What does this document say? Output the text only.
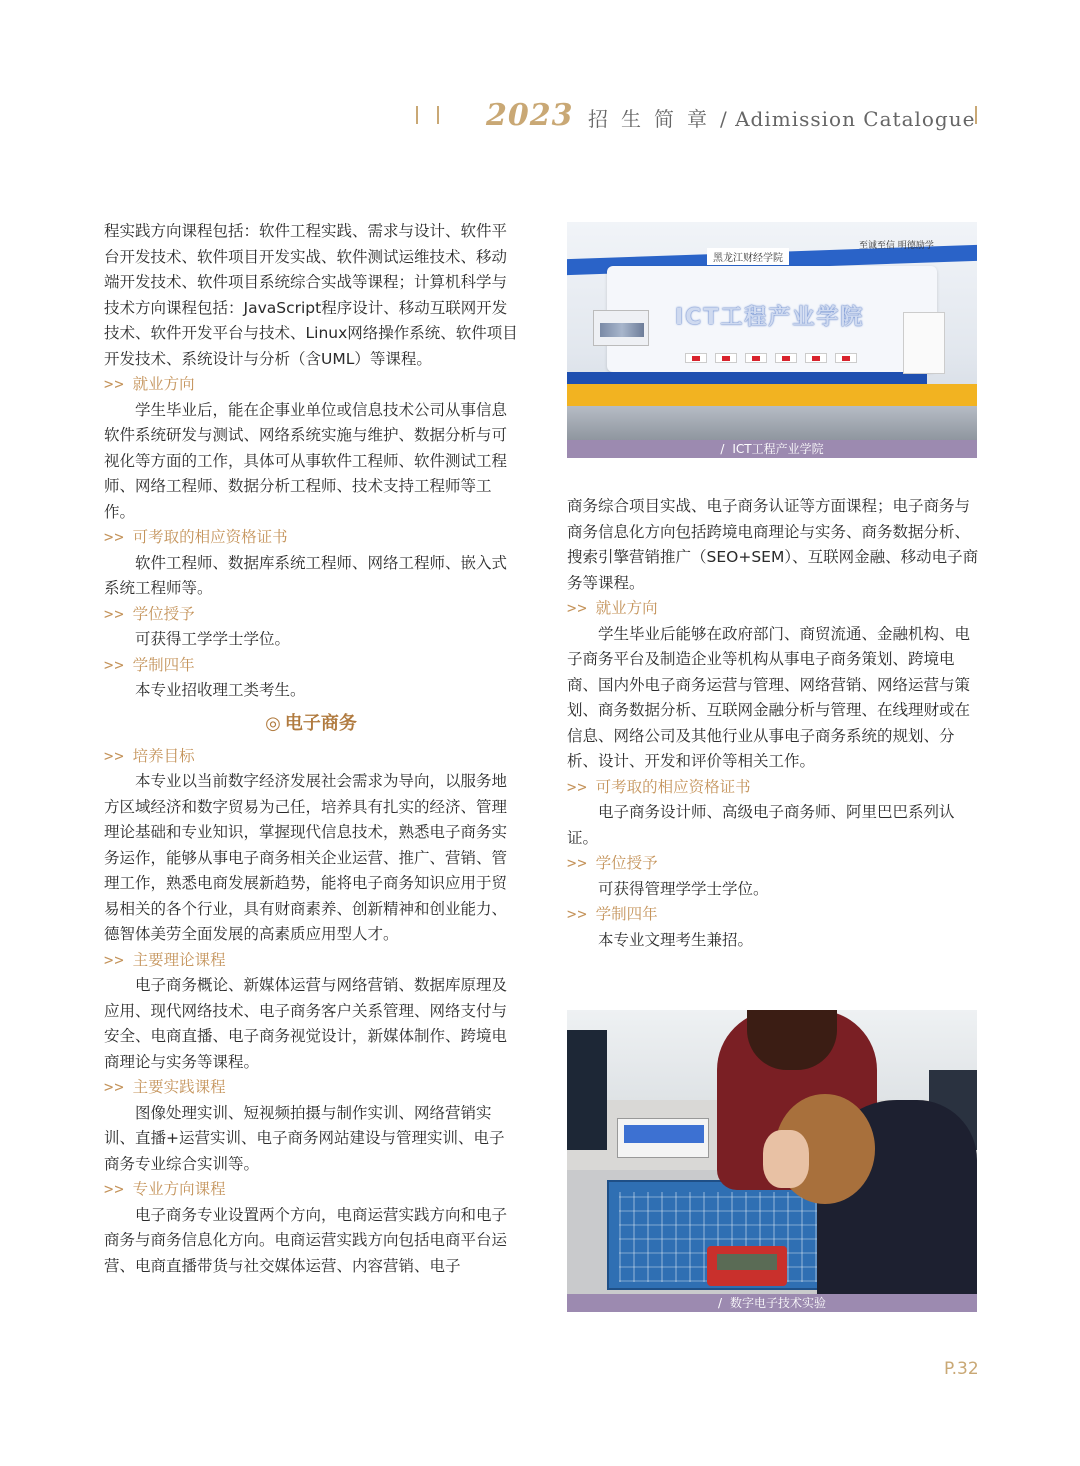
2023 招生简章/ Adimission Catalogue

程实践方向课程包括：软件工程实践、需求与设计、软件平台开发技术、软件项目开发实战、软件测试运维技术、移动端开发技术、软件项目系统综合实战等课程；计算机科学与技术方向课程包括：JavaScript程序设计、移动互联网开发技术、软件开发平台与技术、Linux网络操作系统、软件项目开发技术、系统设计与分析（含UML）等课程。

>> 就业方向

学生毕业后，能在企事业单位或信息技术公司从事信息软件系统研发与测试、网络系统实施与维护、数据分析与可视化等方面的工作，具体可从事软件工程师、软件测试工程师、网络工程师、数据分析工程师、技术支持工程师等工作。

>> 可考取的相应资格证书

软件工程师、数据库系统工程师、网络工程师、嵌入式系统工程师等。

>> 学位授予

可获得工学学士学位。

>> 学制四年

本专业招收理工类考生。

◎ 电子商务

>> 培养目标

本专业以当前数字经济发展社会需求为导向，以服务地方区域经济和数字贸易为己任，培养具有扎实的经济、管理理论基础和专业知识，掌握现代信息技术，熟悉电子商务实务运作，能够从事电子商务相关企业运营、推广、营销、管理工作，熟悉电商发展新趋势，能将电子商务知识应用于贸易相关的各个行业，具有财商素养、创新精神和创业能力、德智体美劳全面发展的高素质应用型人才。

>> 主要理论课程

电子商务概论、新媒体运营与网络营销、数据库原理及应用、现代网络技术、电子商务客户关系管理、网络支付与安全、电商直播、电子商务视觉设计，新媒体制作、跨境电商理论与实务等课程。

>> 主要实践课程

图像处理实训、短视频拍摄与制作实训、网络营销实训、直播+运营实训、电子商务网站建设与管理实训、电子商务专业综合实训等。

>> 专业方向课程

电子商务专业设置两个方向，电商运营实践方向和电子商务与商务信息化方向。电商运营实践方向包括电商平台运营、电商直播带货与社交媒体运营、内容营销、电子

黑龙江财经学院
至诚至信 明德励学
ICT工程产业学院
/ ICT工程产业学院

商务综合项目实战、电子商务认证等方面课程；电子商务与商务信息化方向包括跨境电商理论与实务、商务数据分析、搜索引擎营销推广（SEO+SEM）、互联网金融、移动电子商务等课程。

>> 就业方向

学生毕业后能够在政府部门、商贸流通、金融机构、电子商务平台及制造企业等机构从事电子商务策划、跨境电商、国内外电子商务运营与管理、网络营销、网络运营与策划、商务数据分析、互联网金融分析与管理、在线理财或在信息、网络公司及其他行业从事电子商务系统的规划、分析、设计、开发和评价等相关工作。

>> 可考取的相应资格证书

电子商务设计师、高级电子商务师、阿里巴巴系列认证。

>> 学位授予

可获得管理学学士学位。

>> 学制四年

本专业文理考生兼招。

/ 数字电子技术实验
P.32
